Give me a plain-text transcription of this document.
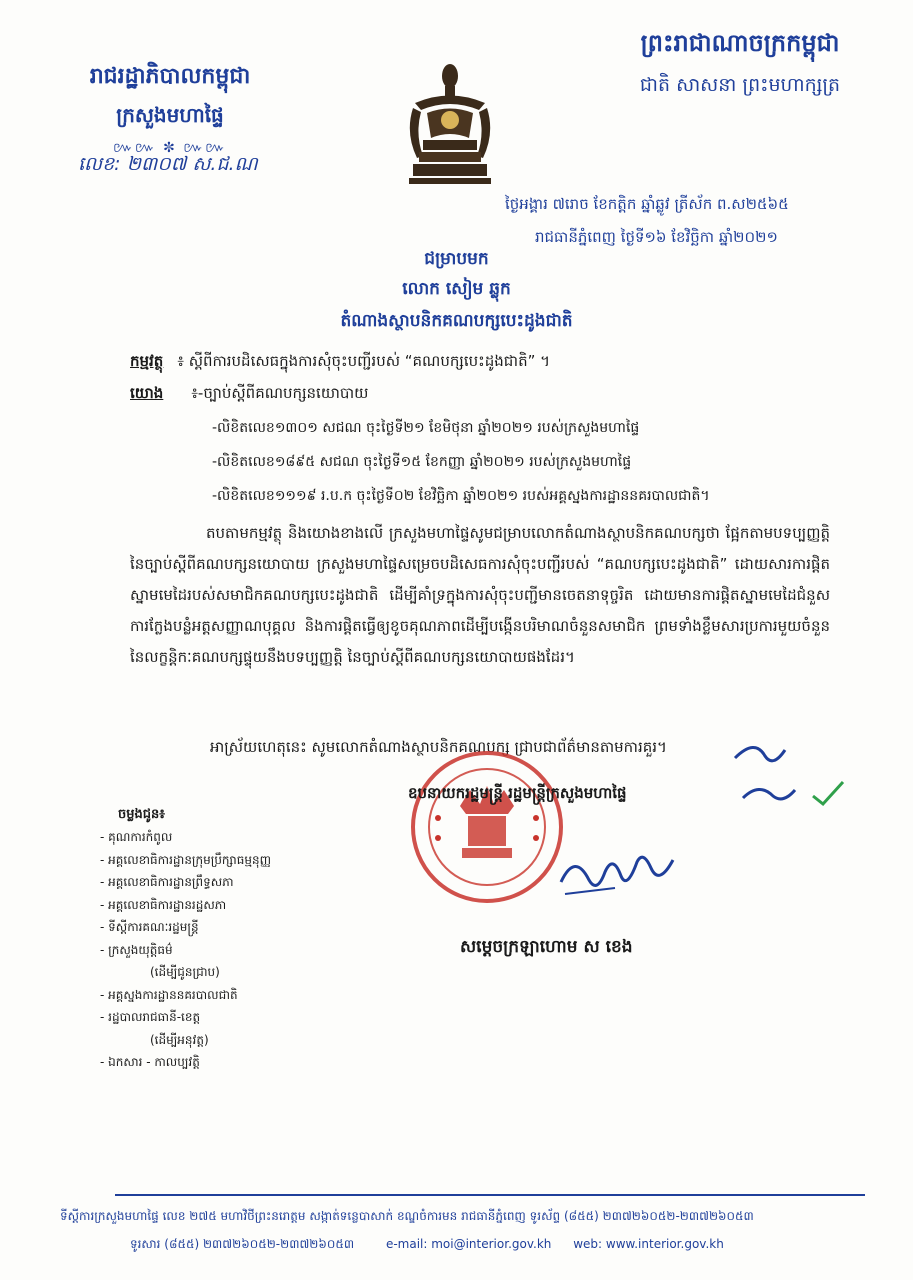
រាជរដ្ឋាភិបាលកម្ពុជា
ក្រសួងមហាផ្ទៃ
៚៚ ✼ ៚៚
លេខ: ២៣០៧ ស.ជ.ណ
ព្រះរាជាណាចក្រកម្ពុជា
ជាតិ សាសនា ព្រះមហាក្សត្រ
ថ្ងៃអង្គារ ៧រោច ខែកត្តិក ឆ្នាំឆ្លូវ ត្រីស័ក ព.ស២៥៦៥
រាជធានីភ្នំពេញ ថ្ងៃទី១៦ ខែវិច្ឆិកា ឆ្នាំ២០២១
ជម្រាបមក
លោក សៀម ឆ្លុក
តំណាងស្ថាបនិកគណបក្សបេះដូងជាតិ
កម្មវត្ថុ ៖ ស្តីពីការបដិសេធក្នុងការសុំចុះបញ្ជីរបស់ “គណបក្សបេះដូងជាតិ” ។
យោង ៖-ច្បាប់ស្តីពីគណបក្សនយោបាយ
-លិខិតលេខ១៣០១ សជណ ចុះថ្ងៃទី២១ ខែមិថុនា ឆ្នាំ២០២១ របស់ក្រសួងមហាផ្ទៃ
-លិខិតលេខ១៨៩៥ សជណ ចុះថ្ងៃទី១៥ ខែកញ្ញា ឆ្នាំ២០២១ របស់ក្រសួងមហាផ្ទៃ
-លិខិតលេខ១១១៩ រ.ប.ក ចុះថ្ងៃទី០២ ខែវិច្ឆិកា ឆ្នាំ២០២១ របស់អគ្គស្នងការដ្ឋាននគរបាលជាតិ។

តបតាមកម្មវត្ថុ និងយោងខាងលើ ក្រសួងមហាផ្ទៃសូមជម្រាបលោកតំណាងស្ថាបនិកគណបក្សថា ផ្អែកតាមបទប្បញ្ញត្តិ នៃច្បាប់ស្តីពីគណបក្សនយោបាយ ក្រសួងមហាផ្ទៃសម្រេចបដិសេធការសុំចុះបញ្ជីរបស់ “គណបក្សបេះដូងជាតិ” ដោយសារការផ្តិតស្នាមមេដៃរបស់សមាជិកគណបក្សបេះដូងជាតិ ដើម្បីគាំទ្រក្នុងការសុំចុះបញ្ជីមានចេតនាទុច្ចរិត ដោយមានការផ្តិតស្នាមមេដៃជំនួស ការក្លែងបន្លំអត្តសញ្ញាណបុគ្គល និងការផ្តិតធ្វើឲ្យខូចគុណភាពដើម្បីបង្កើនបរិមាណចំនួនសមាជិក ព្រមទាំងខ្លឹមសារប្រការមួយចំនួន នៃលក្ខន្តិកៈគណបក្សផ្ទុយនឹងបទប្បញ្ញត្តិ នៃច្បាប់ស្តីពីគណបក្សនយោបាយផងដែរ។

អាស្រ័យហេតុនេះ សូមលោកតំណាងស្ថាបនិកគណបក្ស ជ្រាបជាព័ត៌មានតាមការគួរ។
ឧបនាយករដ្ឋមន្ត្រី រដ្ឋមន្ត្រីក្រសួងមហាផ្ទៃ
សម្តេចក្រឡាហោម ស ខេង
ចម្លងជូន៖
- គុណការកំពូល
- អគ្គលេខាធិការដ្ឋានក្រុមប្រឹក្សាធម្មនុញ្ញ
- អគ្គលេខាធិការដ្ឋានព្រឹទ្ធសភា
- អគ្គលេខាធិការដ្ឋានរដ្ឋសភា
- ទីស្តីការគណៈរដ្ឋមន្ត្រី
- ក្រសួងយុត្តិធម៌
(ដើម្បីជូនជ្រាប)
- អគ្គស្នងការដ្ឋាននគរបាលជាតិ
- រដ្ឋបាលរាជធានី-ខេត្ត
(ដើម្បីអនុវត្ត)
- ឯកសារ - កាលប្បវត្តិ
ទីស្តីការក្រសួងមហាផ្ទៃ លេខ ២៧៥ មហាវិថីព្រះនរោត្តម សង្កាត់ទន្លេបាសាក់ ខណ្ឌចំការមន រាជធានីភ្នំពេញ ទូរស័ព្ទ (៨៥៥) ២៣៧២៦០៥២-២៣៧២៦០៥៣
ទូរសារ (៨៥៥) ២៣៧២៦០៥២-២៣៧២៦០៥៣	e-mail: moi@interior.gov.kh web: www.interior.gov.kh
